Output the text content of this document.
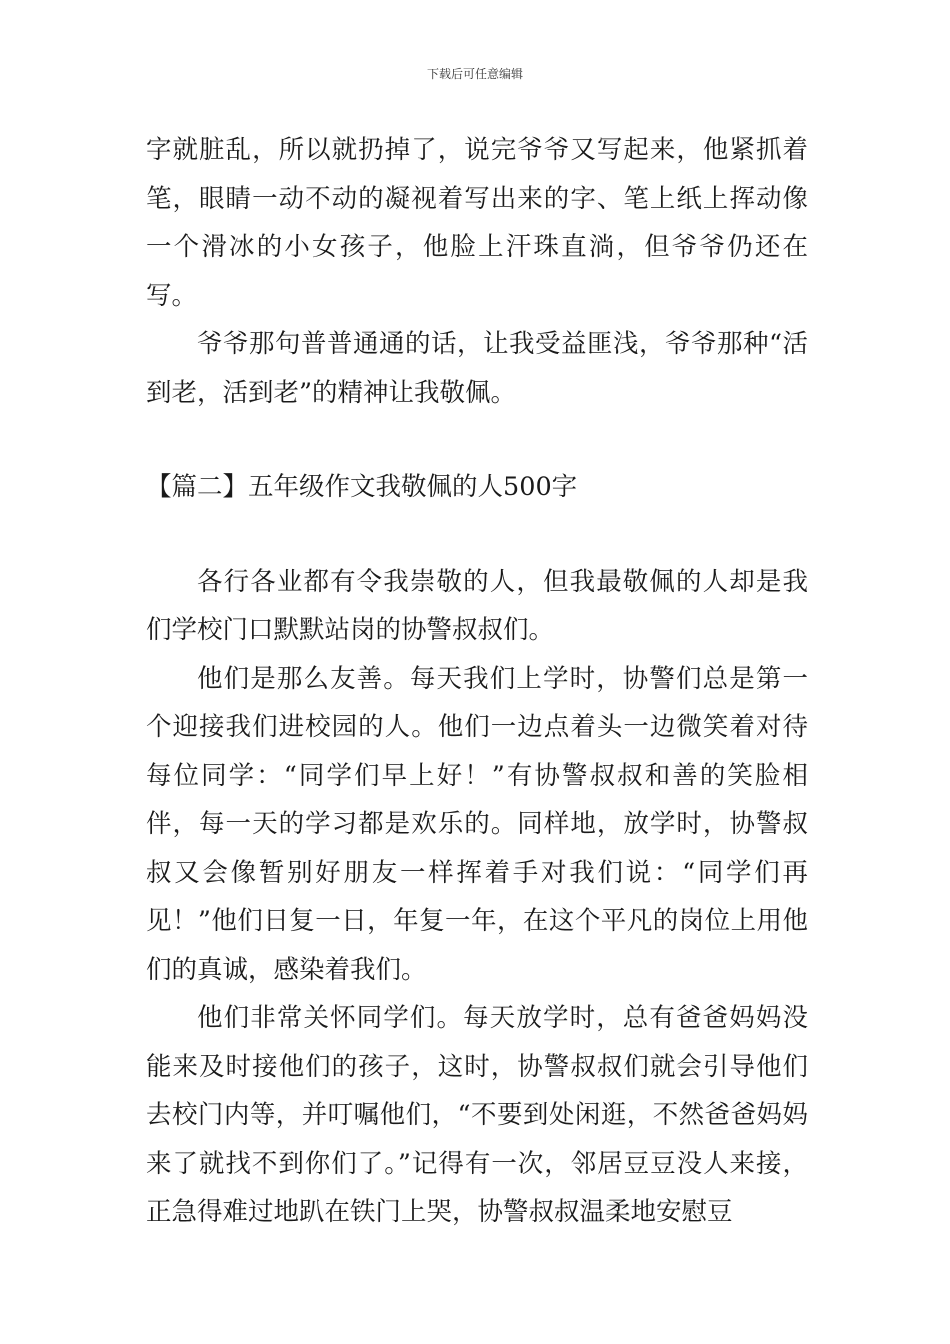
下载后可任意编辑

字就脏乱，所以就扔掉了，说完爷爷又写起来，他紧抓着笔，眼睛一动不动的凝视着写出来的字、笔上纸上挥动像一个滑冰的小女孩子，他脸上汗珠直淌，但爷爷仍还在写。

爷爷那句普普通通的话，让我受益匪浅，爷爷那种“活到老，活到老”的精神让我敬佩。

【篇二】五年级作文我敬佩的人500字

各行各业都有令我崇敬的人，但我最敬佩的人却是我们学校门口默默站岗的协警叔叔们。

他们是那么友善。每天我们上学时，协警们总是第一个迎接我们进校园的人。他们一边点着头一边微笑着对待每位同学：“同学们早上好！”有协警叔叔和善的笑脸相伴，每一天的学习都是欢乐的。同样地，放学时，协警叔叔又会像暂别好朋友一样挥着手对我们说：“同学们再见！”他们日复一日，年复一年，在这个平凡的岗位上用他们的真诚，感染着我们。

他们非常关怀同学们。每天放学时，总有爸爸妈妈没能来及时接他们的孩子，这时，协警叔叔们就会引导他们去校门内等，并叮嘱他们，“不要到处闲逛，不然爸爸妈妈来了就找不到你们了。”记得有一次，邻居豆豆没人来接，正急得难过地趴在铁门上哭，协警叔叔温柔地安慰豆
